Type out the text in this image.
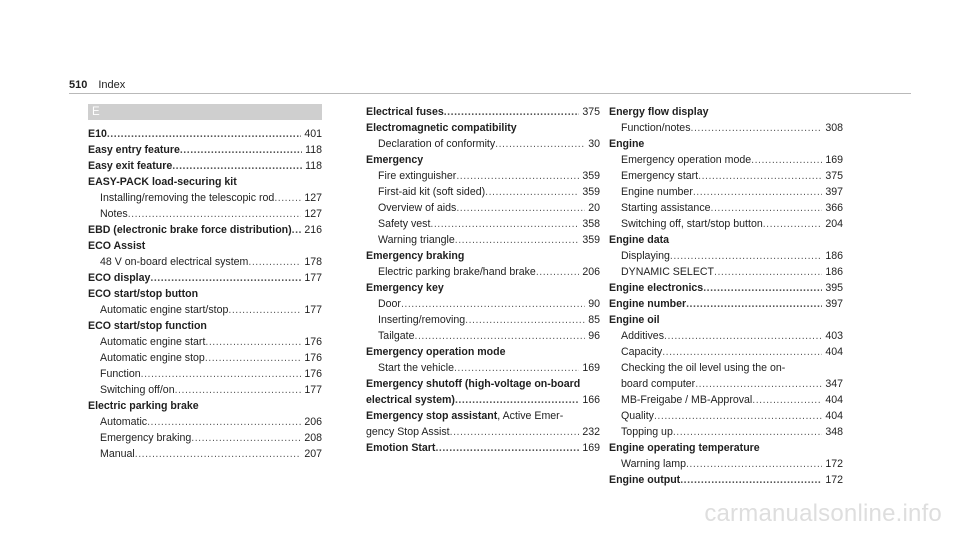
510 Index
E
E10 .....	401
Easy entry feature .....	118
Easy exit feature .....	118
EASY-PACK load-securing kit
Installing/removing the telescopic rod .....	127
Notes .....	127
EBD (electronic brake force distribution) ..... 216
ECO Assist
48 V on-board electrical system .....	178
ECO display .....	177
ECO start/stop button
Automatic engine start/stop .....	177
ECO start/stop function
Automatic engine start .....	176
Automatic engine stop .....	176
Function .....	176
Switching off/on .....	177
Electric parking brake
Automatic .....	206
Emergency braking .....	208
Manual .....	207
Electrical fuses .....	375
Electromagnetic compatibility
Declaration of conformity .....	30
Emergency
Fire extinguisher .....	359
First-aid kit (soft sided) .....	359
Overview of aids .....	20
Safety vest .....	358
Warning triangle .....	359
Emergency braking
Electric parking brake/hand brake .....	206
Emergency key
Door .....	90
Inserting/removing .....	85
Tailgate .....	96
Emergency operation mode
Start the vehicle .....	169
Emergency shutoff (high-voltage on-board
electrical system) .....	166
Emergency stop assistant, Active Emer-
gency Stop Assist .....	232
Emotion Start .....	169
Energy flow display
Function/notes .....	308
Engine
Emergency operation mode .....	169
Emergency start .....	375
Engine number .....	397
Starting assistance .....	366
Switching off, start/stop button .....	204
Engine data
Displaying .....	186
DYNAMIC SELECT .....	186
Engine electronics .....	395
Engine number .....	397
Engine oil
Additives .....	403
Capacity .....	404
Checking the oil level using the on-
board computer .....	347
MB-Freigabe / MB-Approval .....	404
Quality .....	404
Topping up .....	348
Engine operating temperature
Warning lamp .....	172
Engine output .....	172
carmanualsonline.info
